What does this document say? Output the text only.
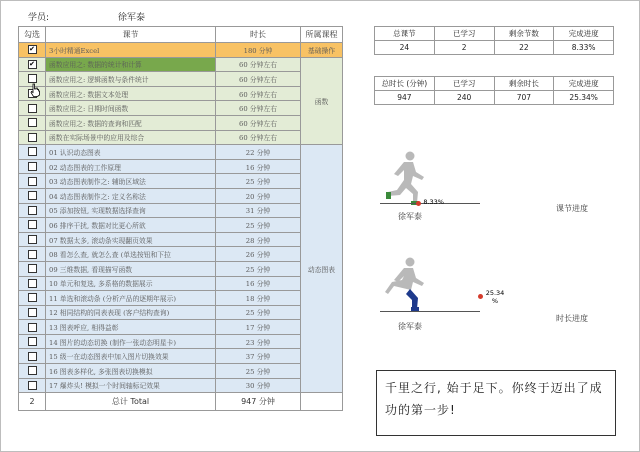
学员:	徐军泰
勾选	课节	时长	所属课程
✔	3小时精通Excel	180 分钟	基础操作
✔	函数应用之: 数据的统计和计算	60 分钟左右	函数
	函数应用之: 逻辑函数与条件统计	60 分钟左右	
	函数应用之: 数据文本处理	60 分钟左右	
	函数应用之: 日期时间函数	60 分钟左右	
	函数应用之: 数据的查询和匹配	60 分钟左右	
	函数在实际场景中的应用及综合	60 分钟左右	
	01 认识动态图表	22 分钟	动态图表
	02 动态图表的工作原理	16 分钟	
	03 动态图表制作之: 辅助区域法	25 分钟	
	04 动态图表制作之: 定义名称法	20 分钟	
	05 添加按钮, 实现数据选择查询	31 分钟	
	06 排序干扰, 数据对比更心所欲	25 分钟	
	07 数据太多, 滚动条实现翻页效果	28 分钟	
	08 看怎么查, 就怎么查 (单选按钮和下拉	26 分钟	
	09 三维数据, 看现描写函数	25 分钟	
	10 单元和复选, 多系格的数据展示	16 分钟	
	11 单选和滚动条 (分析产品的逐期年展示)	18 分钟	
	12 相同结构的同表表现 (客户结构查询)	25 分钟	
	13 图表呼应, 相得益彰	17 分钟	
	14 图片的动态切换 (制作一张动态明星卡)	23 分钟	
	15 级一在动态图表中加入图片切换效果	37 分钟	
	16 图表多样化, 多张图表切换模拟	25 分钟	
	17 爆炸头! 模拟一个时间轴标记效果	30 分钟	
2	总计 Total	947 分钟	
总课节	已学习	剩余节数	完成进度
24	2	22	8.33%
总时长 (分钟)	已学习	剩余时长	完成进度
947	240	707	25.34%
8.33%
徐军泰
课节进度
25.34 %
徐军泰
时长进度
千里之行, 始于足下。你终于迈出了成功的第一步!
